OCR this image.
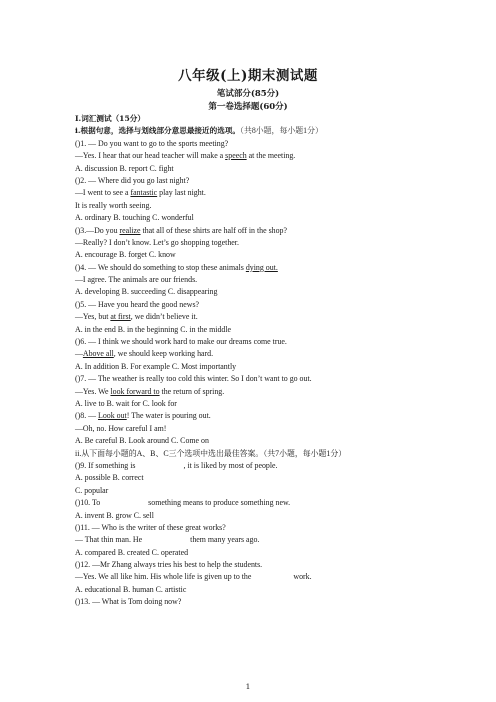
八年级(上)期末测试题
笔试部分(85分)
第一卷选择题(60分)
I.词汇测试（15分）
i.根据句意，选择与划线部分意思最接近的选项。（共8小题，每小题1分）
()1. — Do you want to go to the sports meeting?
—Yes. I hear that our head teacher will make a speech at the meeting.
A. discussion B. report C. fight
()2. — Where did you go last night?
—I went to see a fantastic play last night.
It is really worth seeing.
A. ordinary B. touching C. wonderful
()3.—Do you realize that all of these shirts are half off in the shop?
—Really? I don’t know. Let’s go shopping together.
A. encourage B. forget C. know
()4. — We should do something to stop these animals dying out.
—I agree. The animals are our friends.
A. developing B. succeeding C. disappearing
()5. — Have you heard the good news?
—Yes, but at first, we didn’t believe it.
A. in the end B. in the beginning C. in the middle
()6. — I think we should work hard to make our dreams come true.
—Above all, we should keep working hard.
A. In addition B. For example C. Most importantly
()7. — The weather is really too cold this winter. So I don’t want to go out.
—Yes. We look forward to the return of spring.
A. live to B. wait for C. look for
()8. — Look out! The water is pouring out.
—Oh, no. How careful I am!
A. Be careful B. Look around C. Come on
ii.从下面每小题的A、B、C三个选项中选出最佳答案。（共7小题，每小题1分）
()9. If something is	, it is liked by most of people.
A. possible B. correct
C. popular
()10. To	something means to produce something new.
A. invent B. grow C. sell
()11. — Who is the writer of these great works?
— That thin man. He	them many years ago.
A. compared B. created C. operated
()12. —Mr Zhang always tries his best to help the students.
—Yes. We all like him. His whole life is given up to the	work.
A. educational B. human C. artistic
()13. — What is Tom doing now?
1
